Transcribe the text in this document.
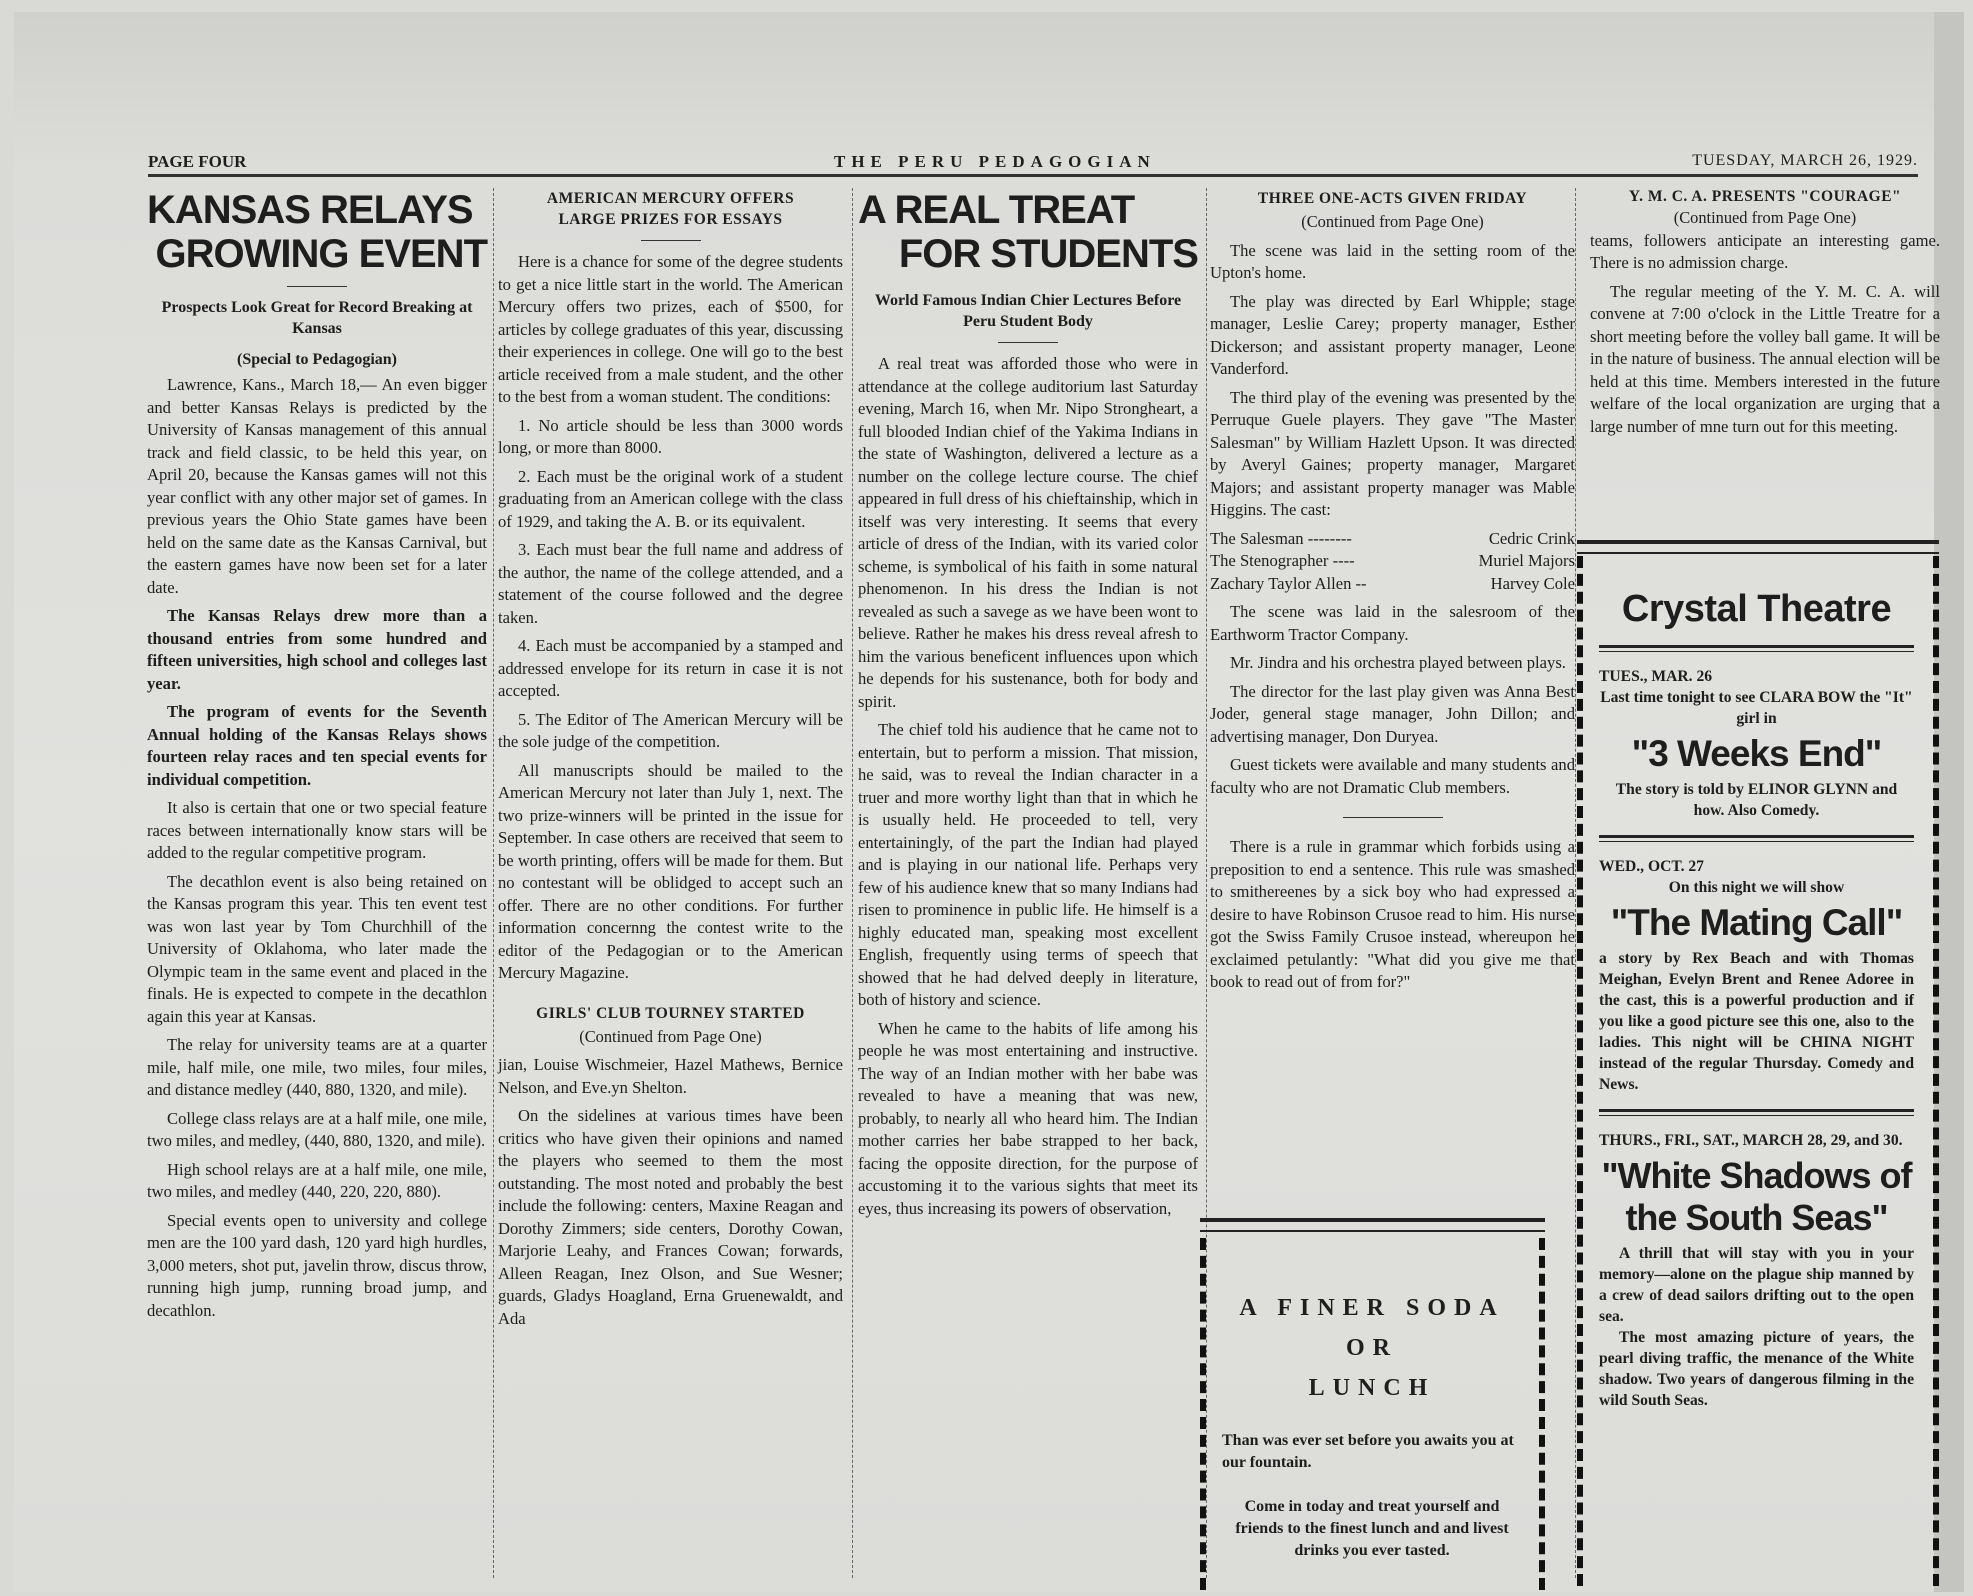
PAGE FOUR	THE PERU PEDAGOGIAN	TUESDAY, MARCH 26, 1929.
KANSAS RELAYS
GROWING EVENT
Prospects Look Great for Record Breaking at Kansas
(Special to Pedagogian)

Lawrence, Kans., March 18,— An even bigger and better Kansas Relays is predicted by the University of Kansas management of this annual track and field classic, to be held this year, on April 20, because the Kansas games will not this year conflict with any other major set of games. In previous years the Ohio State games have been held on the same date as the Kansas Carnival, but the eastern games have now been set for a later date.

The Kansas Relays drew more than a thousand entries from some hundred and fifteen universities, high school and colleges last year.

The program of events for the Seventh Annual holding of the Kansas Relays shows fourteen relay races and ten special events for individual competition.

It also is certain that one or two special feature races between internationally know stars will be added to the regular competitive program.

The decathlon event is also being retained on the Kansas program this year. This ten event test was won last year by Tom Churchhill of the University of Oklahoma, who later made the Olympic team in the same event and placed in the finals. He is expected to compete in the decathlon again this year at Kansas.

The relay for university teams are at a quarter mile, half mile, one mile, two miles, four miles, and distance medley (440, 880, 1320, and mile).

College class relays are at a half mile, one mile, two miles, and medley, (440, 880, 1320, and mile).

High school relays are at a half mile, one mile, two miles, and medley (440, 220, 220, 880).

Special events open to university and college men are the 100 yard dash, 120 yard high hurdles, 3,000 meters, shot put, javelin throw, discus throw, running high jump, running broad jump, and decathlon.

AMERICAN MERCURY OFFERS
LARGE PRIZES FOR ESSAYS

Here is a chance for some of the degree students to get a nice little start in the world. The American Mercury offers two prizes, each of $500, for articles by college graduates of this year, discussing their experiences in college. One will go to the best article received from a male student, and the other to the best from a woman student. The conditions:

1. No article should be less than 3000 words long, or more than 8000.

2. Each must be the original work of a student graduating from an American college with the class of 1929, and taking the A. B. or its equivalent.

3. Each must bear the full name and address of the author, the name of the college attended, and a statement of the course followed and the degree taken.

4. Each must be accompanied by a stamped and addressed envelope for its return in case it is not accepted.

5. The Editor of The American Mercury will be the sole judge of the competition.

All manuscripts should be mailed to the American Mercury not later than July 1, next. The two prize-winners will be printed in the issue for September. In case others are received that seem to be worth printing, offers will be made for them. But no contestant will be oblidged to accept such an offer. There are no other conditions. For further information concernng the contest write to the editor of the Pedagogian or to the American Mercury Magazine.

GIRLS' CLUB TOURNEY STARTED
(Continued from Page One)

jian, Louise Wischmeier, Hazel Mathews, Bernice Nelson, and Eve.yn Shelton.

On the sidelines at various times have been critics who have given their opinions and named the players who seemed to them the most outstanding. The most noted and probably the best include the following: centers, Maxine Reagan and Dorothy Zimmers; side centers, Dorothy Cowan, Marjorie Leahy, and Frances Cowan; forwards, Alleen Reagan, Inez Olson, and Sue Wesner; guards, Gladys Hoagland, Erna Gruenewaldt, and Ada

A REAL TREAT
FOR STUDENTS
World Famous Indian Chier Lectures Before Peru Student Body

A real treat was afforded those who were in attendance at the college auditorium last Saturday evening, March 16, when Mr. Nipo Strongheart, a full blooded Indian chief of the Yakima Indians in the state of Washington, delivered a lecture as a number on the college lecture course. The chief appeared in full dress of his chieftainship, which in itself was very interesting. It seems that every article of dress of the Indian, with its varied color scheme, is symbolical of his faith in some natural phenomenon. In his dress the Indian is not revealed as such a savege as we have been wont to believe. Rather he makes his dress reveal afresh to him the various beneficent influences upon which he depends for his sustenance, both for body and spirit.

The chief told his audience that he came not to entertain, but to perform a mission. That mission, he said, was to reveal the Indian character in a truer and more worthy light than that in which he is usually held. He proceeded to tell, very entertainingly, of the part the Indian had played and is playing in our national life. Perhaps very few of his audience knew that so many Indians had risen to prominence in public life. He himself is a highly educated man, speaking most excellent English, frequently using terms of speech that showed that he had delved deeply in literature, both of history and science.

When he came to the habits of life among his people he was most entertaining and instructive. The way of an Indian mother with her babe was revealed to have a meaning that was new, probably, to nearly all who heard him. The Indian mother carries her babe strapped to her back, facing the opposite direction, for the purpose of accustoming it to the various sights that meet its eyes, thus increasing its powers of observation,

THREE ONE-ACTS GIVEN FRIDAY
(Continued from Page One)

The scene was laid in the setting room of the Upton's home.

The play was directed by Earl Whipple; stage manager, Leslie Carey; property manager, Esther Dickerson; and assistant property manager, Leone Vanderford.

The third play of the evening was presented by the Perruque Guele players. They gave "The Master Salesman" by William Hazlett Upson. It was directed by Averyl Gaines; property manager, Margaret Majors; and assistant property manager was Mable Higgins. The cast:

The Salesman --------	Cedric Crink
The Stenographer ----	Muriel Majors
Zachary Taylor Allen --	Harvey Cole

The scene was laid in the salesroom of the Earthworm Tractor Company.

Mr. Jindra and his orchestra played between plays.

The director for the last play given was Anna Best Joder, general stage manager, John Dillon; and advertising manager, Don Duryea.

Guest tickets were available and many students and faculty who are not Dramatic Club members.

There is a rule in grammar which forbids using a preposition to end a sentence. This rule was smashed to smithereenes by a sick boy who had expressed a desire to have Robinson Crusoe read to him. His nurse got the Swiss Family Crusoe instead, whereupon he exclaimed petulantly: "What did you give me that book to read out of from for?"

A FINER SODA
OR
LUNCH

Than was ever set before you awaits you at our fountain.

Come in today and treat yourself and friends to the finest lunch and and livest drinks you ever tasted.

Y. M. C. A. PRESENTS "COURAGE"
(Continued from Page One)

teams, followers anticipate an interesting game. There is no admission charge.

The regular meeting of the Y. M. C. A. will convene at 7:00 o'clock in the Little Treatre for a short meeting before the volley ball game. It will be in the nature of business. The annual election will be held at this time. Members interested in the future welfare of the local organization are urging that a large number of mne turn out for this meeting.

Crystal Theatre

TUES., MAR. 26

Last time tonight to see CLARA BOW the "It" girl in

"3 Weeks End"

The story is told by ELINOR GLYNN and how. Also Comedy.

WED., OCT. 27

On this night we will show

"The Mating Call"

a story by Rex Beach and with Thomas Meighan, Evelyn Brent and Renee Adoree in the cast, this is a powerful production and if you like a good picture see this one, also to the ladies. This night will be CHINA NIGHT instead of the regular Thursday. Comedy and News.

THURS., FRI., SAT., MARCH 28, 29, and 30.

"White Shadows of the South Seas"

A thrill that will stay with you in your memory—alone on the plague ship manned by a crew of dead sailors drifting out to the open sea.

The most amazing picture of years, the pearl diving traffic, the menance of the White shadow. Two years of dangerous filming in the wild South Seas.
